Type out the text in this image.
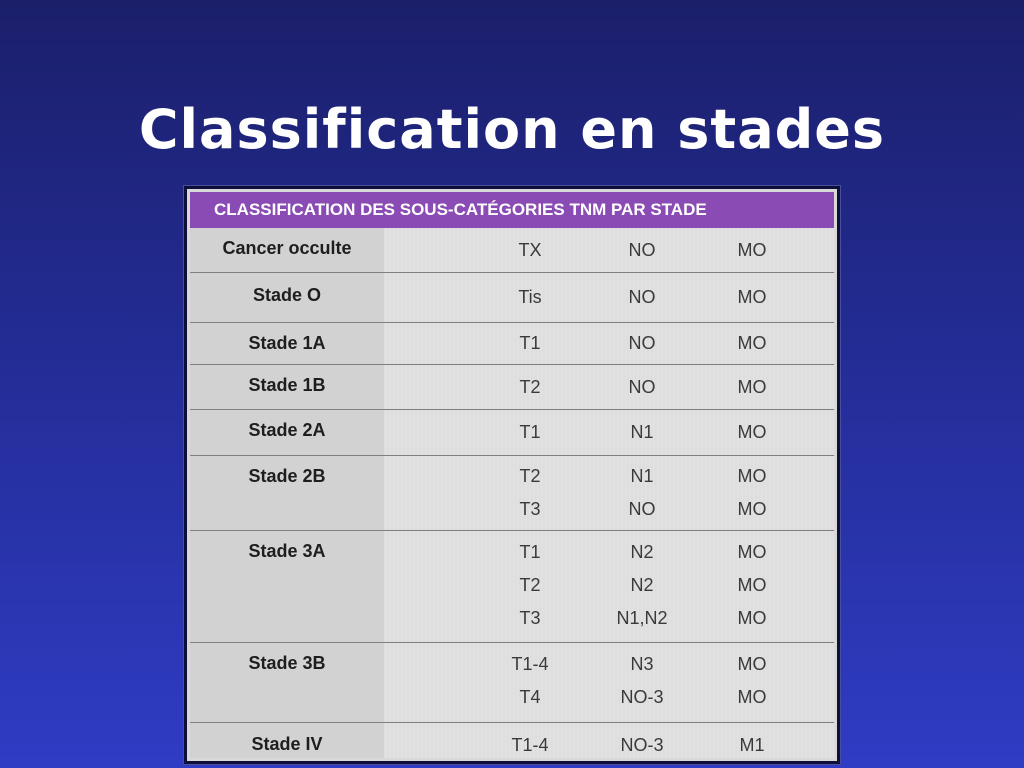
Classification en stades
CLASSIFICATION DES SOUS-CATÉGORIES TNM PAR STADE
Cancer occulte	TX	NO	MO
Stade O	Tis	NO	MO
Stade 1A	T1	NO	MO
Stade 1B	T2	NO	MO
Stade 2A	T1	N1	MO
Stade 2B	T2	N1	MO
T3	NO	MO
Stade 3A	T1	N2	MO
T2	N2	MO
T3	N1,N2	MO
Stade 3B	T1-4	N3	MO
T4	NO-3	MO
Stade IV	T1-4	NO-3	M1
